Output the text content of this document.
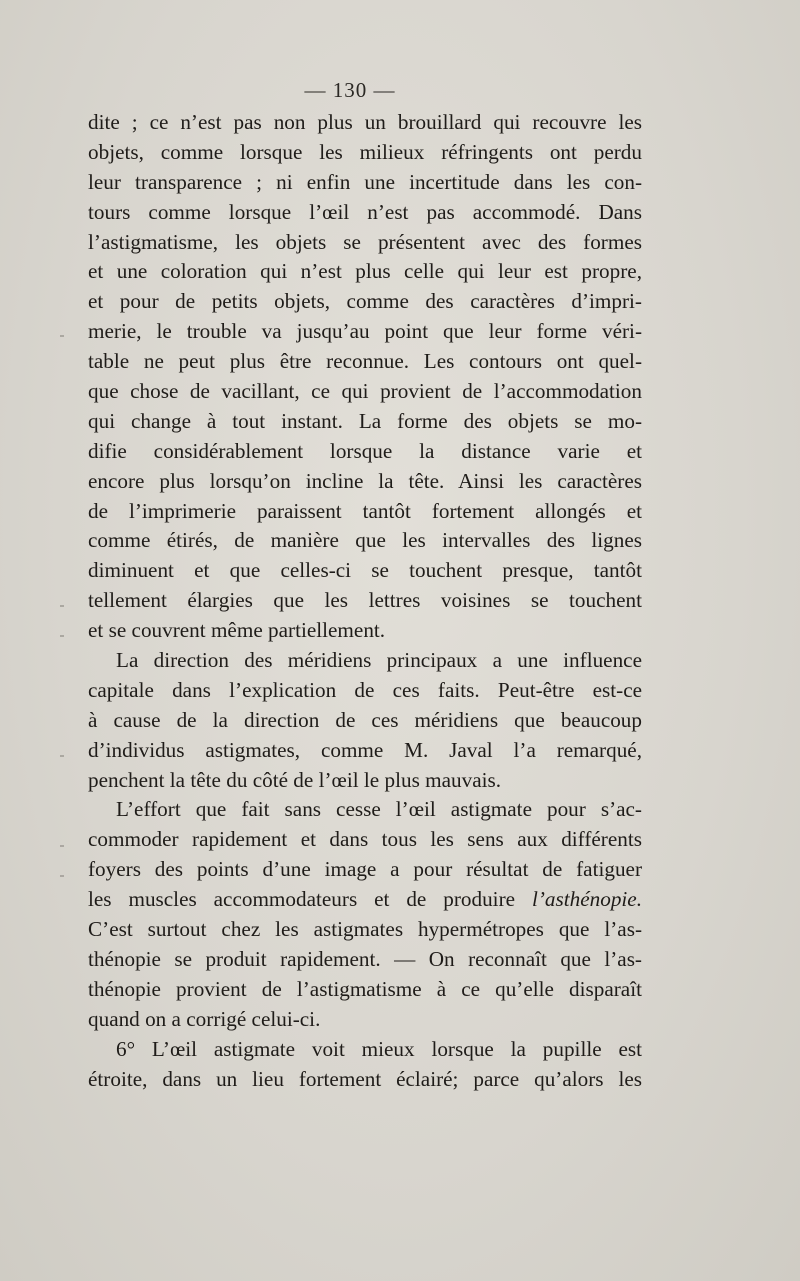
— 130 —
dite ; ce n’est pas non plus un brouillard qui recouvre les
objets, comme lorsque les milieux réfringents ont perdu
leur transparence ; ni enfin une incertitude dans les con-
tours comme lorsque l’œil n’est pas accommodé. Dans
l’astigmatisme, les objets se présentent avec des formes
et une coloration qui n’est plus celle qui leur est propre,
et pour de petits objets, comme des caractères d’impri-
merie, le trouble va jusqu’au point que leur forme véri-
table ne peut plus être reconnue. Les contours ont quel-
que chose de vacillant, ce qui provient de l’accommodation
qui change à tout instant. La forme des objets se mo-
difie considérablement lorsque la distance varie et
encore plus lorsqu’on incline la tête. Ainsi les caractères
de l’imprimerie paraissent tantôt fortement allongés et
comme étirés, de manière que les intervalles des lignes
diminuent et que celles-ci se touchent presque, tantôt
tellement élargies que les lettres voisines se touchent
et se couvrent même partiellement.
La direction des méridiens principaux a une influence
capitale dans l’explication de ces faits. Peut-être est-ce
à cause de la direction de ces méridiens que beaucoup
d’individus astigmates, comme M. Javal l’a remarqué,
penchent la tête du côté de l’œil le plus mauvais.
L’effort que fait sans cesse l’œil astigmate pour s’ac-
commoder rapidement et dans tous les sens aux différents
foyers des points d’une image a pour résultat de fatiguer
les muscles accommodateurs et de produire l’asthénopie.
C’est surtout chez les astigmates hypermétropes que l’as-
thénopie se produit rapidement. — On reconnaît que l’as-
thénopie provient de l’astigmatisme à ce qu’elle disparaît
quand on a corrigé celui-ci.
6° L’œil astigmate voit mieux lorsque la pupille est
étroite, dans un lieu fortement éclairé; parce qu’alors les
